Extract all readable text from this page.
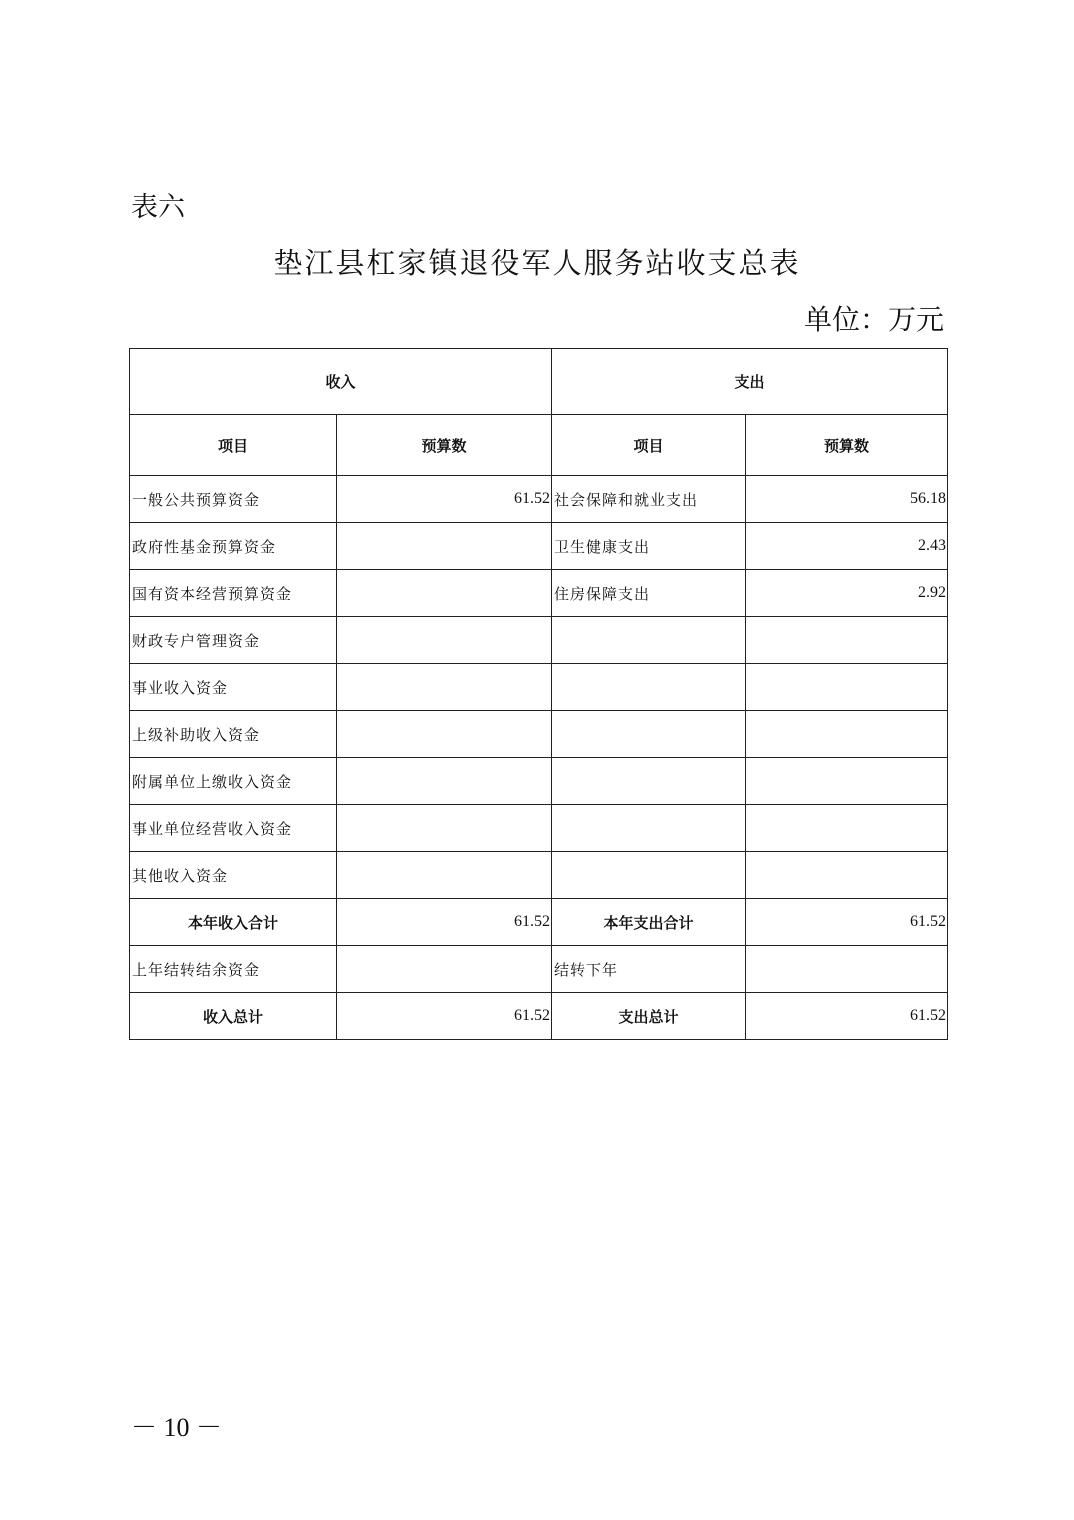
表六
垫江县杠家镇退役军人服务站收支总表
单位：万元
收入		支出	
项目	预算数	项目	预算数
一般公共预算资金	61.52	社会保障和就业支出	56.18
政府性基金预算资金		卫生健康支出	2.43
国有资本经营预算资金		住房保障支出	2.92
财政专户管理资金			
事业收入资金			
上级补助收入资金			
附属单位上缴收入资金			
事业单位经营收入资金			
其他收入资金			
本年收入合计	61.52	本年支出合计	61.52
上年结转结余资金		结转下年	
收入总计	61.52	支出总计	61.52
－ 10 －
